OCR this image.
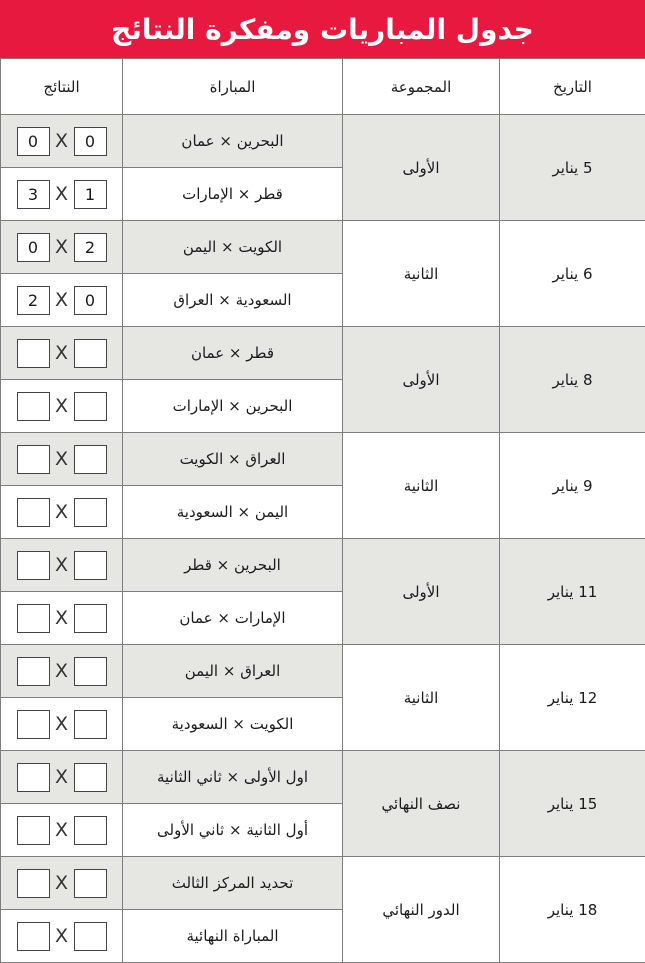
جدول المباريات ومفكرة النتائج
النتائج	المباراة	المجموعة	التاريخ

0 X 0	البحرين × عمان	الأولى	5 يناير

3 X 1	قطر × الإمارات		

0 X 2	الكويت × اليمن	الثانية	6 يناير

2 X 0	السعودية × العراق		

X	قطر × عمان	الأولى	8 يناير

X	البحرين × الإمارات		

X	العراق × الكويت	الثانية	9 يناير

X	اليمن × السعودية		

X	البحرين × قطر	الأولى	11 يناير

X	الإمارات × عمان		

X	العراق × اليمن	الثانية	12 يناير

X	الكويت × السعودية		

X	اول الأولى × ثاني الثانية	نصف النهائي	15 يناير

X	أول الثانية × ثاني الأولى		

X	تحديد المركز الثالث	الدور النهائي	18 يناير

X	المباراة النهائية		
